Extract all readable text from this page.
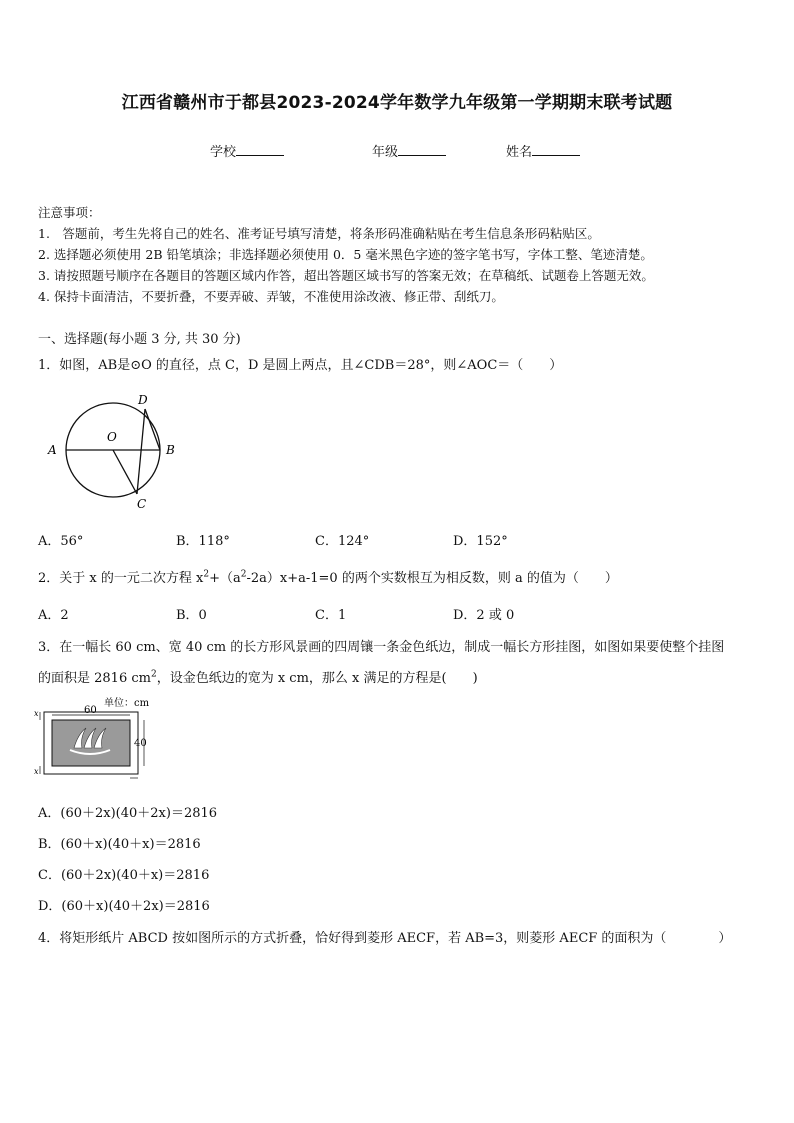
江西省赣州市于都县2023-2024学年数学九年级第一学期期末联考试题
学校	年级	姓名
注意事项：
1.　答题前，考生先将自己的姓名、准考证号填写清楚，将条形码准确粘贴在考生信息条形码粘贴区。
2. 选择题必须使用 2B 铅笔填涂；非选择题必须使用 0．5 毫米黑色字迹的签字笔书写，字体工整、笔迹清楚。
3. 请按照题号顺序在各题目的答题区域内作答，超出答题区域书写的答案无效；在草稿纸、试题卷上答题无效。
4. 保持卡面清洁，不要折叠，不要弄破、弄皱，不准使用涂改液、修正带、刮纸刀。
一、选择题(每小题 3 分, 共 30 分)
1．如图，AB是⊙O 的直径，点 C，D 是圆上两点，且∠CDB＝28°，则∠AOC＝（　　）
A	B
C
D
O
A．56°	B．118°	C．124°	D．152°
2．关于 x 的一元二次方程 $x^2+(a^2-2a)x+a-1=0$ 的两个实数根互为相反数，则 a 的值为（　　）
A．2	B．0	C．1	D．2 或 0
3．在一幅长 60 cm、宽 40 cm 的长方形风景画的四周镶一条金色纸边，制成一幅长方形挂图，如图如果要使整个挂图
的面积是 2816 $cm^2$，设金色纸边的宽为 x cm，那么 x 满足的方程是(　　)
单位：cm
60
40
x
x
A．(60＋2x)(40＋2x)＝2816
B．(60＋x)(40＋x)＝2816
C．(60＋2x)(40＋x)＝2816
D．(60＋x)(40＋2x)＝2816
4．将矩形纸片 ABCD 按如图所示的方式折叠，恰好得到菱形 AECF，若 AB=3，则菱形 AECF 的面积为（　　　　）
